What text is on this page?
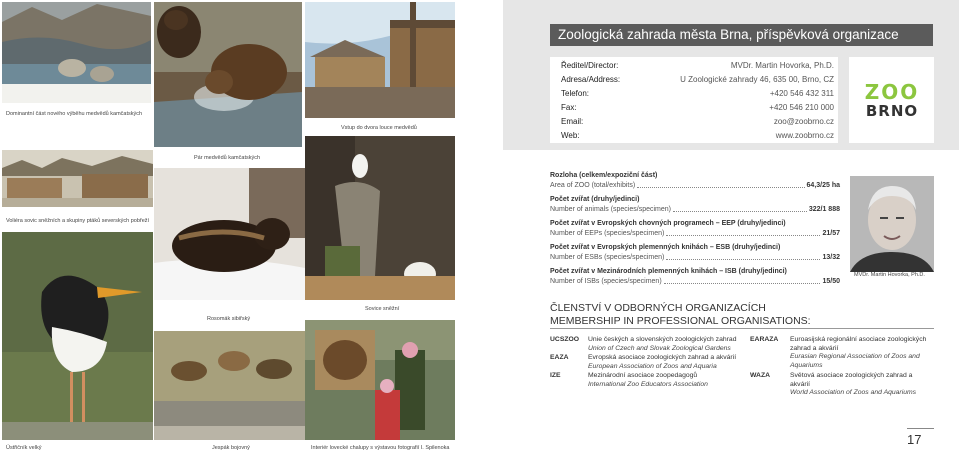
Dominantní část nového výběhu medvědů kamčatských
Vstup do dvora louce medvědů
Pár medvědů kamčatských
Voliéra sovic sněžních a skupiny ptáků severských pobřeží
Rosomák sibiřský
Sovice sněžní
Ústřičník velký	Jespák bojovný	Interiér lovecké chalupy s výstavou fotografií I. Spilenoka
Zoologická zahrada města Brna, příspěvková organizace
Ředitel/Director:	MVDr. Martin Hovorka, Ph.D.
Adresa/Address:	U Zoologické zahrady 46, 635 00, Brno, CZ
Telefon:	+420 546 432 311
Fax:	+420 546 210 000
Email:	zoo@zoobrno.cz
Web:	www.zoobrno.cz
ZOO
BRNO
Rozloha (celkem/expoziční část)
Area of ZOO (total/exhibits)	64,3/25 ha
Počet zvířat (druhy/jedinci)
Number of animals (species/specimen)	322/1 888
Počet zvířat v Evropských chovných programech – EEP (druhy/jedinci)
Number of EEPs (species/specimen)	21/57
Počet zvířat v Evropských plemenných knihách – ESB (druhy/jedinci)
Number of ESBs (species/specimen)	13/32
Počet zvířat v Mezinárodních plemenných knihách – ISB (druhy/jedinci)
Number of ISBs (species/specimen)	15/50
MVDr. Martin Hovorka, Ph.D.
ČLENSTVÍ V ODBORNÝCH ORGANIZACÍCH
MEMBERSHIP IN PROFESSIONAL ORGANISATIONS:
UCSZOO Unie českých a slovenských zoologických zahrad
Union of Czech and Slovak Zoological Gardens
EAZA	Evropská asociace zoologických zahrad a akvárií
European Association of Zoos and Aquaria
IZE	Mezinárodní asociace zoopedagogů
International Zoo Educators Association
EARAZA Euroasijská regionální asociace zoologických zahrad a akvárií
Eurasian Regional Association of Zoos and Aquariums
WAZA	Světová asociace zoologických zahrad a akvárií
World Association of Zoos and Aquariums
17
